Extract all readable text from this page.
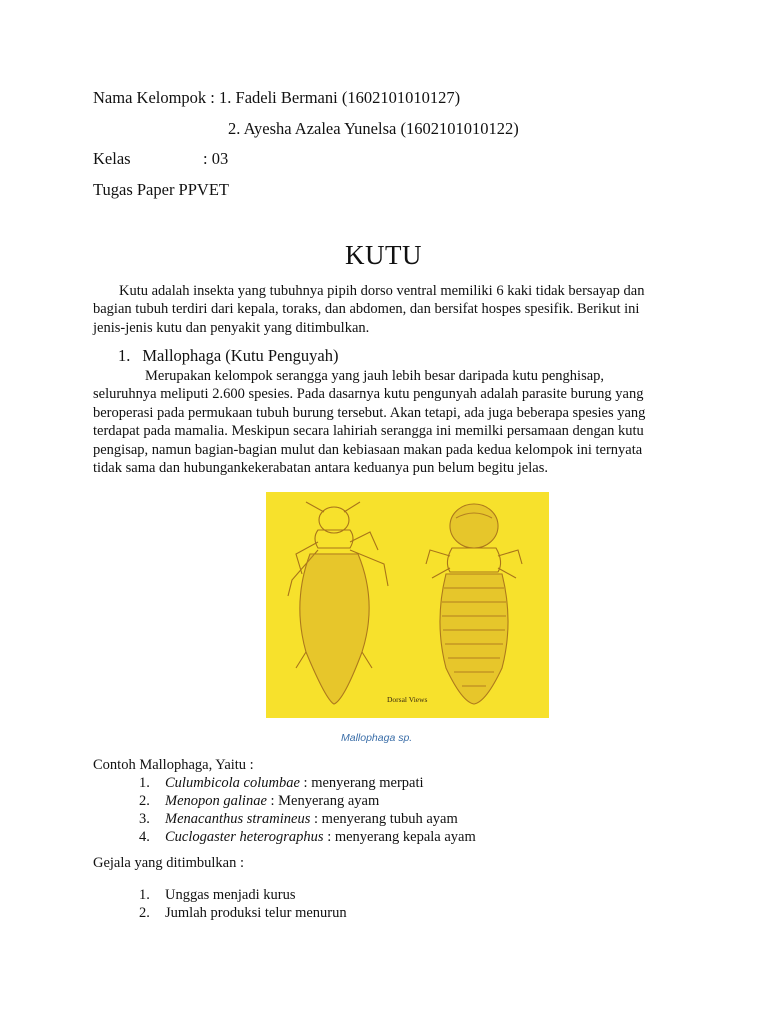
Nama Kelompok : 1. Fadeli Bermani (1602101010127)
2. Ayesha Azalea Yunelsa (1602101010122)
Kelas	: 03
Tugas Paper PPVET
KUTU
Kutu adalah insekta yang tubuhnya pipih dorso ventral memiliki 6 kaki tidak bersayap dan bagian tubuh terdiri dari kepala, toraks, dan abdomen, dan bersifat hospes spesifik. Berikut ini jenis-jenis kutu dan penyakit yang ditimbulkan.
1. Mallophaga (Kutu Penguyah)
Merupakan kelompok serangga yang jauh lebih besar daripada kutu penghisap, seluruhnya meliputi 2.600 spesies. Pada dasarnya kutu pengunyah adalah parasite burung yang beroperasi pada permukaan tubuh burung tersebut. Akan tetapi, ada juga beberapa spesies yang terdapat pada mamalia. Meskipun secara lahiriah serangga ini memilki persamaan dengan kutu pengisap, namun bagian-bagian mulut dan kebiasaan makan pada kedua kelompok ini ternyata tidak sama dan hubungankekerabatan antara keduanya pun belum begitu jelas.
Dorsal Views
Mallophaga sp.
Contoh Mallophaga, Yaitu :
1. Culumbicola columbae : menyerang merpati
2. Menopon galinae : Menyerang ayam
3. Menacanthus stramineus : menyerang tubuh ayam
4. Cuclogaster heterographus : menyerang kepala ayam
Gejala yang ditimbulkan :
1. Unggas menjadi kurus
2. Jumlah produksi telur menurun
